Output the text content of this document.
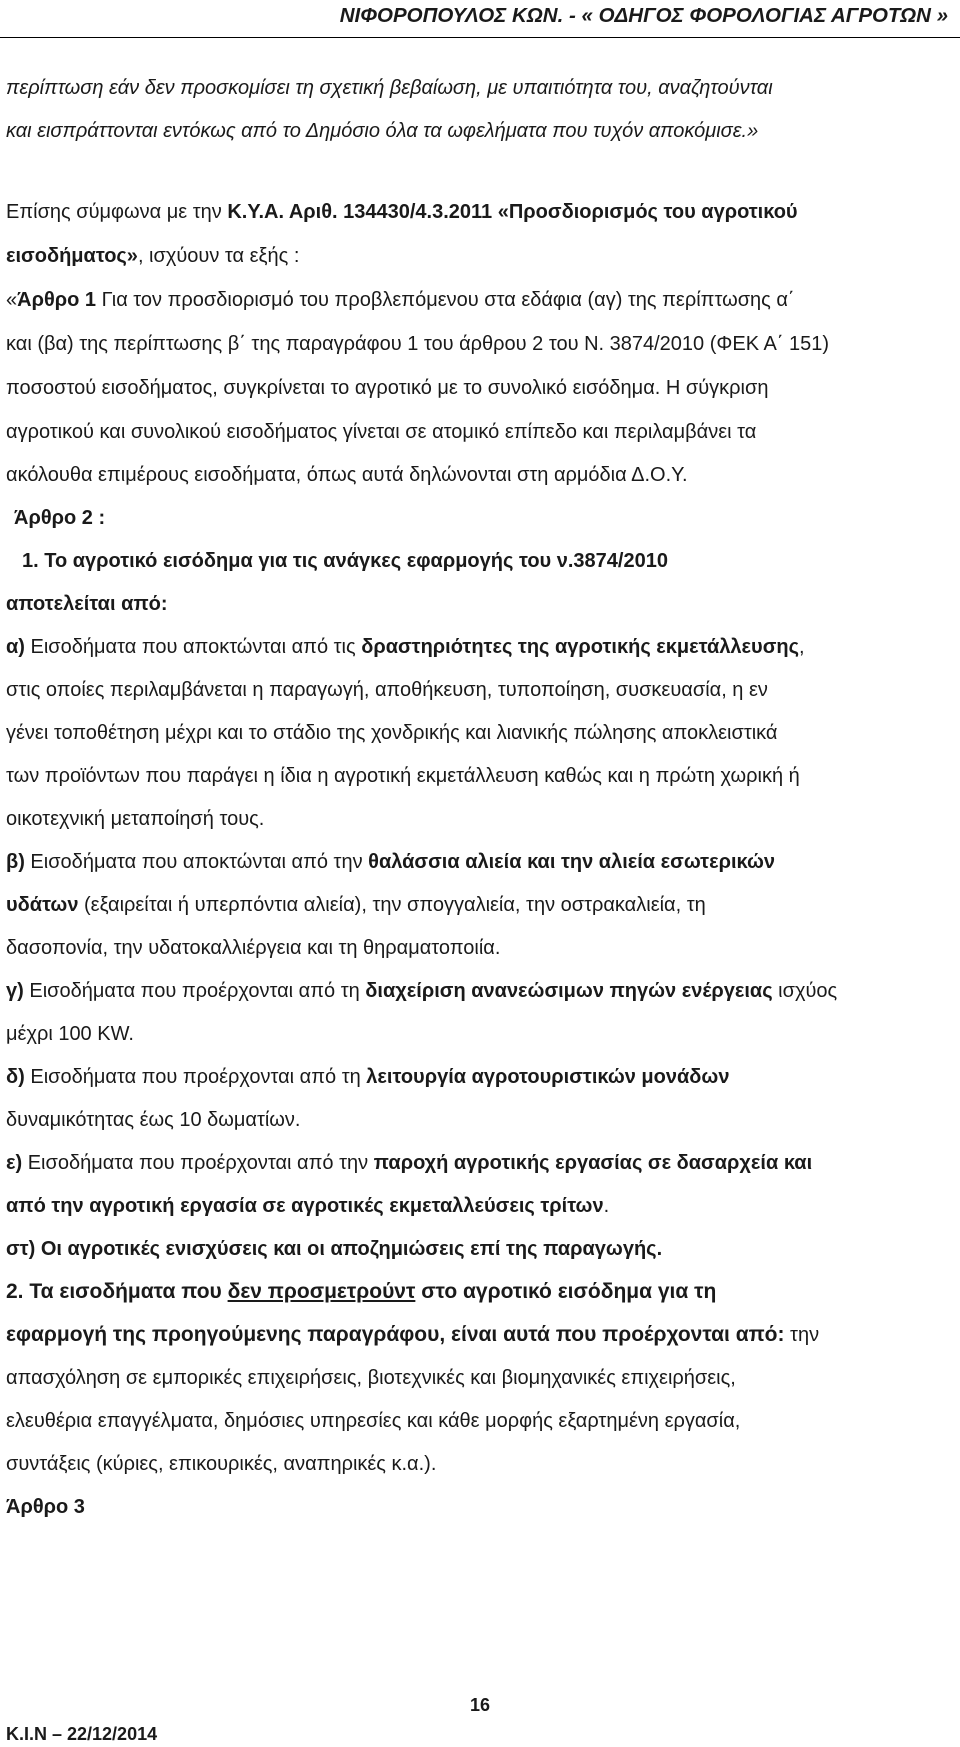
ΝΙΦΟΡΟΠΟΥΛΟΣ ΚΩΝ. - « ΟΔΗΓΟΣ ΦΟΡΟΛΟΓΙΑΣ ΑΓΡΟΤΩΝ »
περίπτωση εάν δεν προσκομίσει τη σχετική βεβαίωση, με υπαιτιότητα του, αναζητούνται
και εισπράττονται εντόκως από το Δημόσιο όλα τα ωφελήματα που τυχόν αποκόμισε.»
Επίσης σύμφωνα με την Κ.Υ.Α. Αριθ. 134430/4.3.2011 «Προσδιορισμός του αγροτικού
εισοδήματος», ισχύουν τα εξής :
«Άρθρο 1 Για τον προσδιορισμό του προβλεπόμενου στα εδάφια (αγ) της περίπτωσης α΄
και (βα) της περίπτωσης β΄ της παραγράφου 1 του άρθρου 2 του Ν. 3874/2010 (ΦΕΚ Α΄ 151)
ποσοστού εισοδήματος, συγκρίνεται το αγροτικό με το συνολικό εισόδημα. Η σύγκριση
αγροτικού και συνολικού εισοδήματος γίνεται σε ατομικό επίπεδο και περιλαμβάνει τα
ακόλουθα επιμέρους εισοδήματα, όπως αυτά δηλώνονται στη αρμόδια Δ.Ο.Υ.
Άρθρο 2 :
1. Το αγροτικό εισόδημα για τις ανάγκες εφαρμογής του ν.3874/2010
αποτελείται από:
α) Εισοδήματα που αποκτώνται από τις δραστηριότητες της αγροτικής εκμετάλλευσης,
στις οποίες περιλαμβάνεται η παραγωγή, αποθήκευση, τυποποίηση, συσκευασία, η εν
γένει τοποθέτηση μέχρι και το στάδιο της χονδρικής και λιανικής πώλησης αποκλειστικά
των προϊόντων που παράγει η ίδια η αγροτική εκμετάλλευση καθώς και η πρώτη χωρική ή
οικοτεχνική μεταποίησή τους.
β) Εισοδήματα που αποκτώνται από την θαλάσσια αλιεία και την αλιεία εσωτερικών
υδάτων (εξαιρείται ή υπερπόντια αλιεία), την σπογγαλιεία, την οστρακαλιεία, τη
δασοπονία, την υδατοκαλλιέργεια και τη θηραματοποιία.
γ) Εισοδήματα που προέρχονται από τη διαχείριση ανανεώσιμων πηγών ενέργειας ισχύος
μέχρι 100 KW.
δ) Εισοδήματα που προέρχονται από τη λειτουργία αγροτουριστικών μονάδων
δυναμικότητας έως 10 δωματίων.
ε) Εισοδήματα που προέρχονται από την παροχή αγροτικής εργασίας σε δασαρχεία και
από την αγροτική εργασία σε αγροτικές εκμεταλλεύσεις τρίτων.
στ) Οι αγροτικές ενισχύσεις και οι αποζημιώσεις επί της παραγωγής.
2. Τα εισοδήματα που δεν προσμετρούντ στο αγροτικό εισόδημα για τη
εφαρμογή της προηγούμενης παραγράφου, είναι αυτά που προέρχονται από: την
απασχόληση σε εμπορικές επιχειρήσεις, βιοτεχνικές και βιομηχανικές επιχειρήσεις,
ελευθέρια επαγγέλματα, δημόσιες υπηρεσίες και κάθε μορφής εξαρτημένη εργασία,
συντάξεις (κύριες, επικουρικές, αναπηρικές κ.α.).
Άρθρο 3
16
Κ.Ι.Ν – 22/12/2014
